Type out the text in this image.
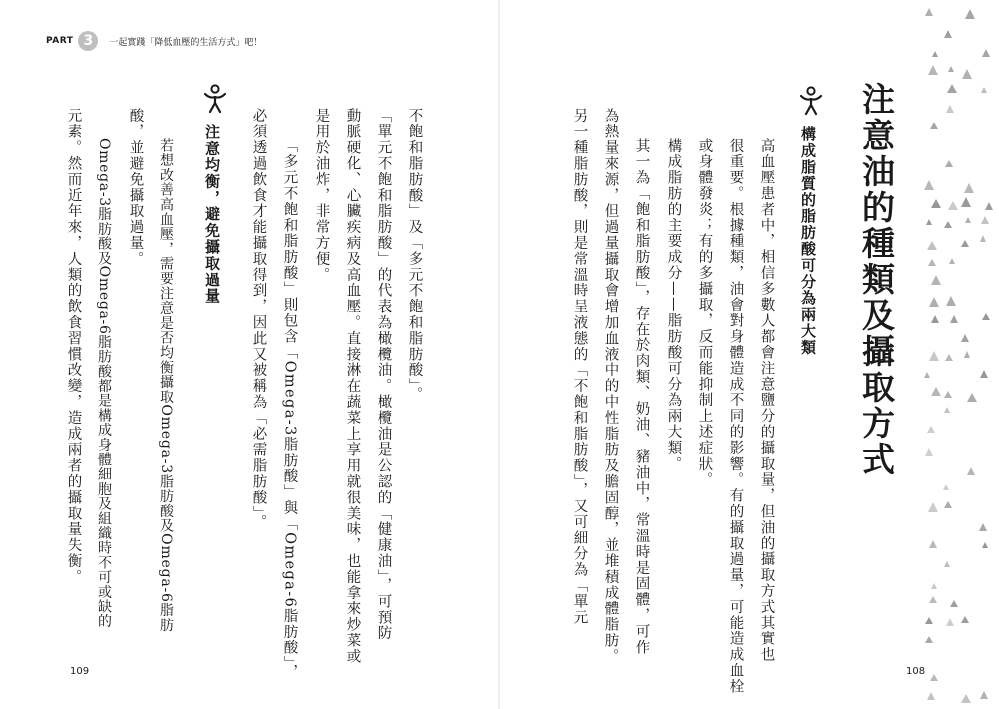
PART 3	一起實踐「降低血壓的生活方式」吧！
注意油的種類及攝取方式
構成脂質的脂肪酸可分為兩大類
高血壓患者中，相信多數人都會注意鹽分的攝取量，但油的攝取方式其實也
很重要。根據種類，油會對身體造成不同的影響。有的攝取過量，可能造成血栓
或身體發炎；有的多攝取，反而能抑制上述症狀。
構成脂肪的主要成分——脂肪酸可分為兩大類。
其一為「飽和脂肪酸」，存在於肉類、奶油、豬油中，常溫時是固體，可作
為熱量來源，但過量攝取會增加血液中的中性脂肪及膽固醇，並堆積成體脂肪。
另一種脂肪酸，則是常溫時呈液態的「不飽和脂肪酸」，又可細分為「單元
不飽和脂肪酸」及「多元不飽和脂肪酸」。
「單元不飽和脂肪酸」的代表為橄欖油。橄欖油是公認的「健康油」，可預防
動脈硬化、心臟疾病及高血壓。直接淋在蔬菜上享用就很美味，也能拿來炒菜或
是用於油炸，非常方便。
「多元不飽和脂肪酸」則包含「Omega-3脂肪酸」與「Omega-6脂肪酸」，
必須透過飲食才能攝取得到，因此又被稱為「必需脂肪酸」。
注意均衡，避免攝取過量
若想改善高血壓，需要注意是否均衡攝取Omega-3脂肪酸及Omega-6脂肪
酸，並避免攝取過量。
Omega-3脂肪酸及Omega-6脂肪酸都是構成身體細胞及組織時不可或缺的
元素。然而近年來，人類的飲食習慣改變，造成兩者的攝取量失衡。
109	108
